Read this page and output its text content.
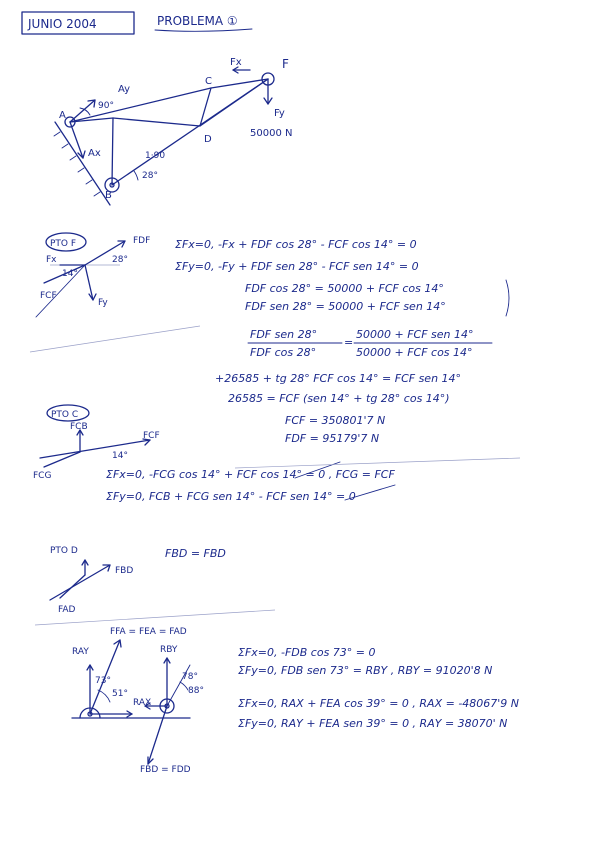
JUNIO 2004	PROBLEMA ①
A
B
C
D
F
Ay
Ax
Fx
Fy
90°
28°
50000 N
1·90
PTO F	FDF
Fx
Fy
FCF
28°
14°
ΣFx=0, -Fx + FDF cos 28° - FCF cos 14° = 0
ΣFy=0, -Fy + FDF sen 28° - FCF sen 14° = 0
FDF cos 28° = 50000 + FCF cos 14°
FDF sen 28° = 50000 + FCF sen 14°
FDF sen 28°
FDF cos 28°
=
50000 + FCF sen 14°
50000 + FCF cos 14°
+26585 + tg 28° FCF cos 14° = FCF sen 14°
26585 = FCF (sen 14° + tg 28° cos 14°)
FCF = 350801'7 N
FDF = 95179'7 N
PTO C
FCB
FCF
FCG
14°
ΣFx=0, -FCG cos 14° + FCF cos 14° = 0 , FCG = FCF
ΣFy=0, FCB + FCG sen 14° - FCF sen 14° = 0
PTO D
FBD
FAD
FBD = FBD
FFA = FEA = FAD
RAY	RBY
RAX
51°
73°	78°
88°
FBD = FDD
ΣFx=0, -FDB cos 73° = 0
ΣFy=0, FDB sen 73° = RBY , RBY = 91020'8 N
ΣFx=0, RAX + FEA cos 39° = 0 , RAX = -48067'9 N
ΣFy=0, RAY + FEA sen 39° = 0 , RAY = 38070' N
